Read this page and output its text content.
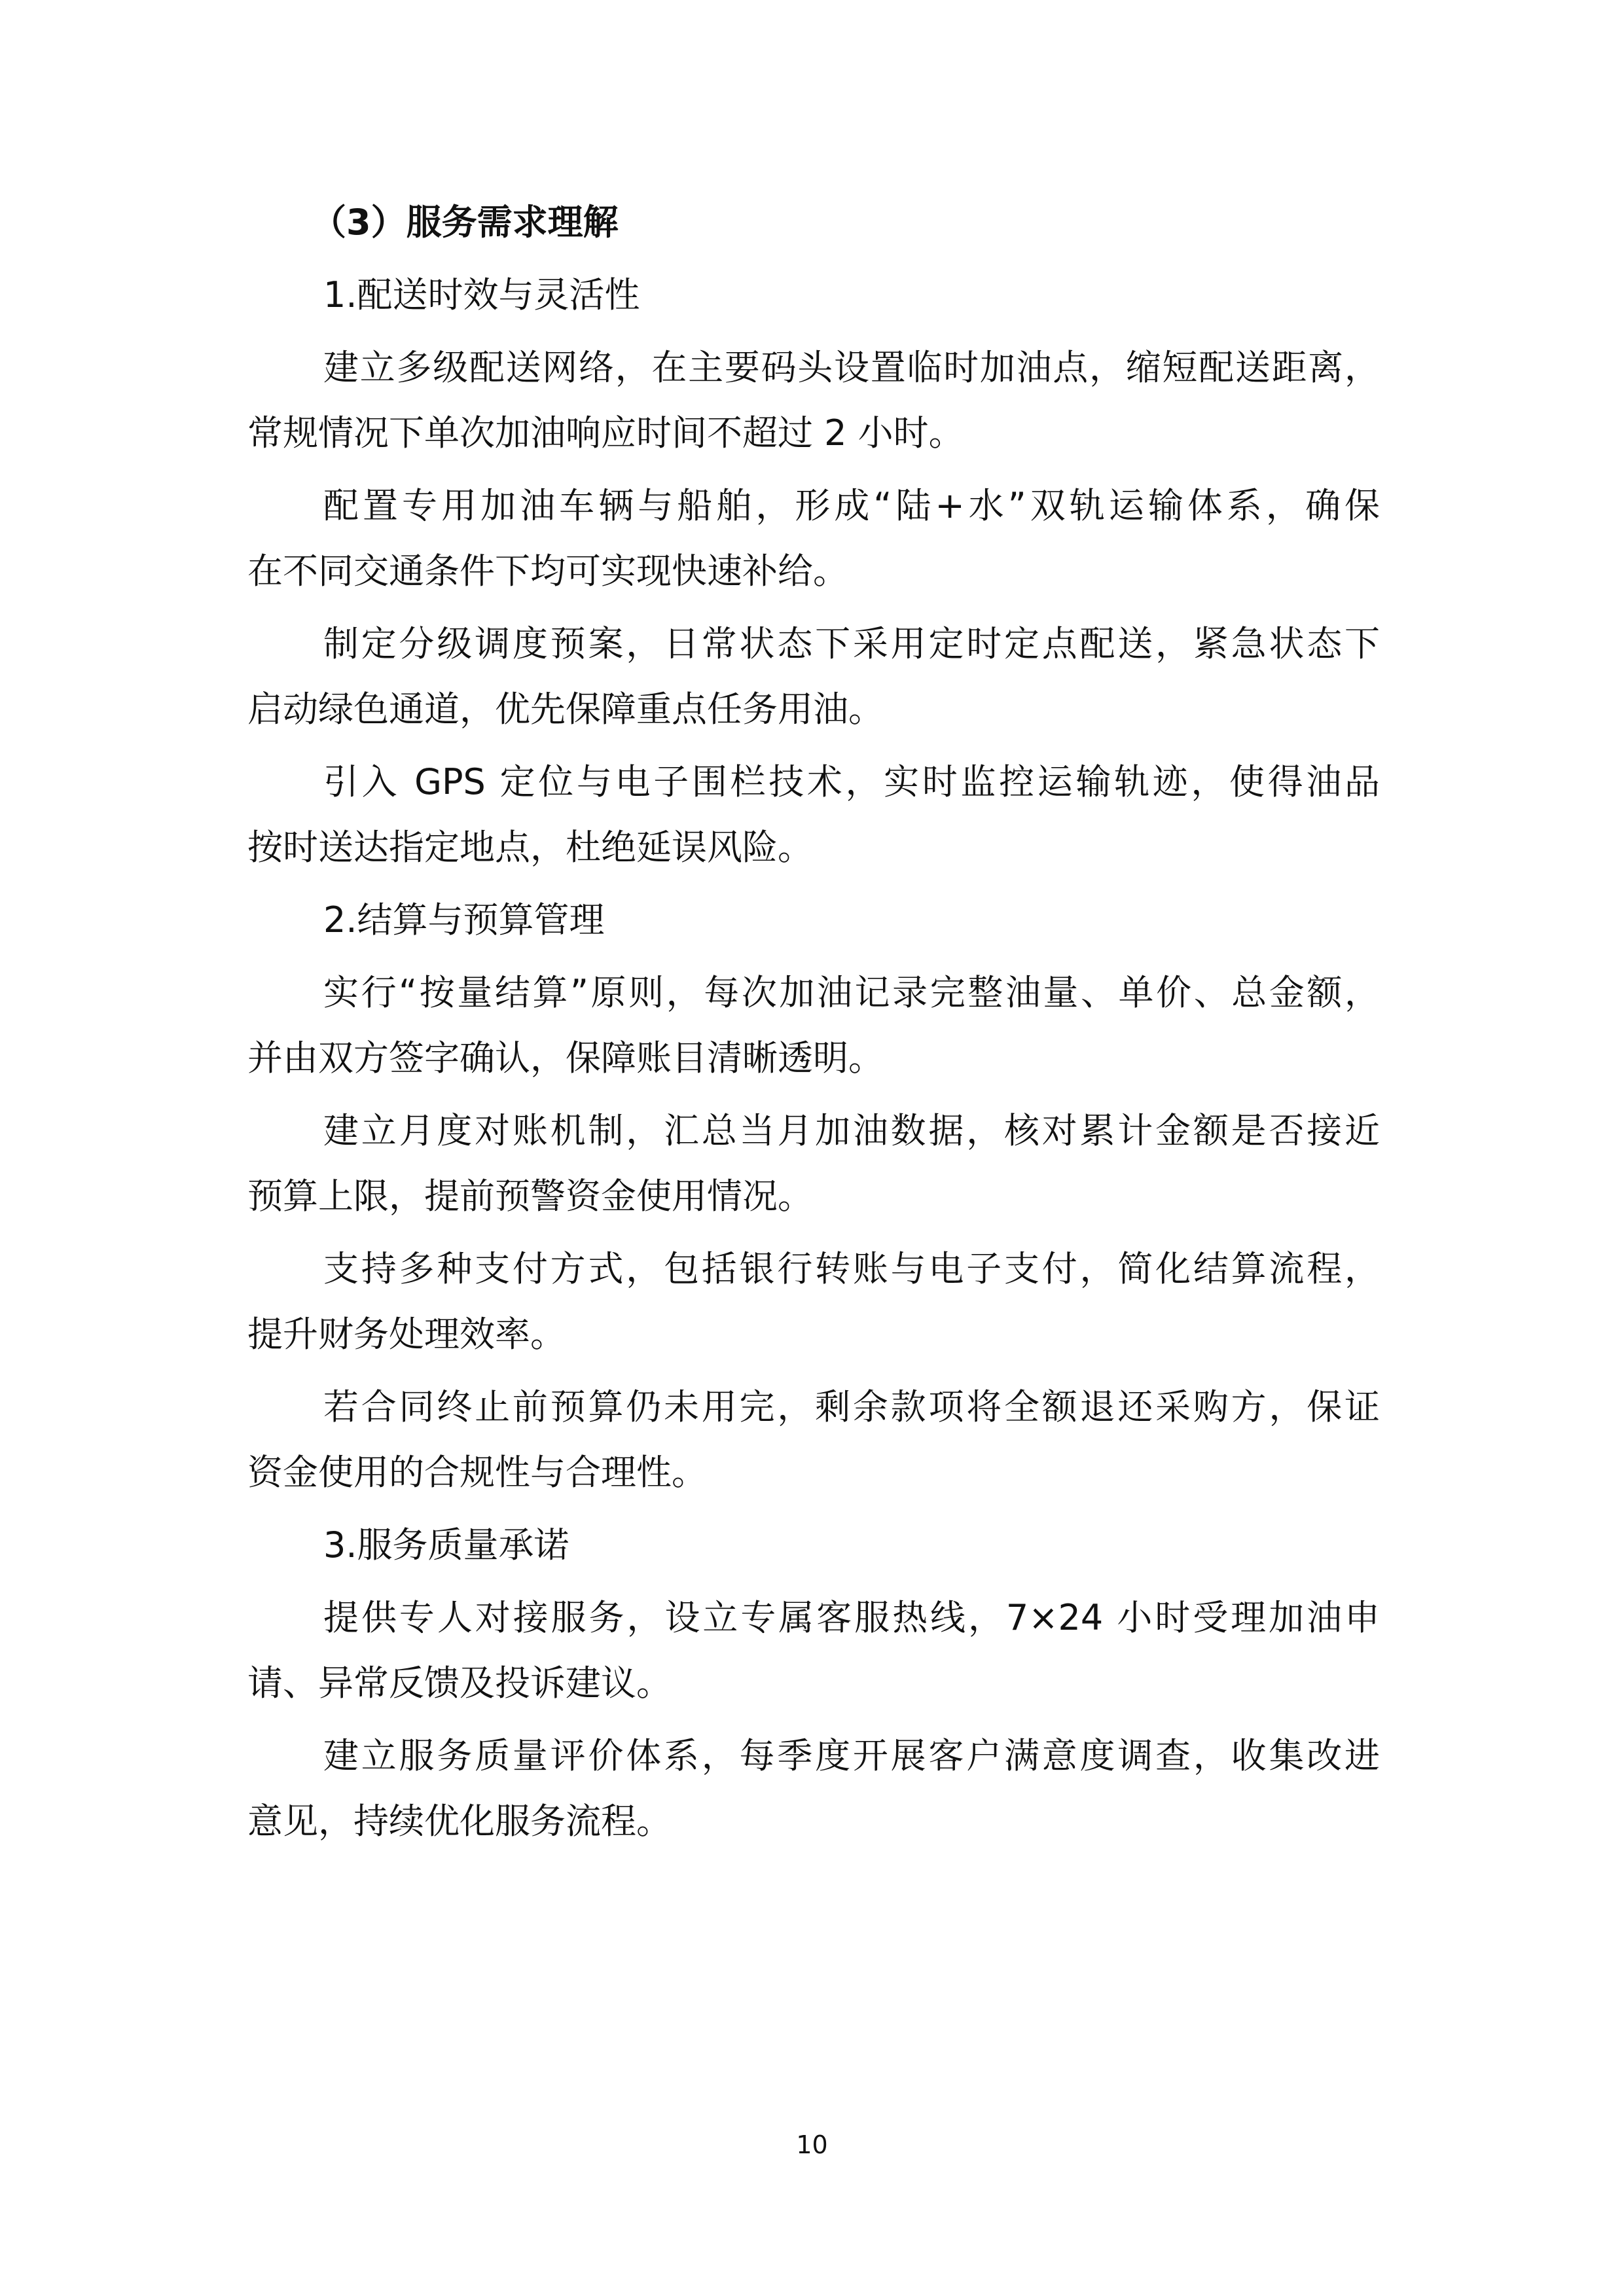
（3）服务需求理解
1.配送时效与灵活性
建立多级配送网络，在主要码头设置临时加油点，缩短配送距离，
常规情况下单次加油响应时间不超过 2 小时。
配置专用加油车辆与船舶，形成“陆+水”双轨运输体系，确保
在不同交通条件下均可实现快速补给。
制定分级调度预案，日常状态下采用定时定点配送，紧急状态下
启动绿色通道，优先保障重点任务用油。
引入 GPS 定位与电子围栏技术，实时监控运输轨迹，使得油品
按时送达指定地点，杜绝延误风险。
2.结算与预算管理
实行“按量结算”原则，每次加油记录完整油量、单价、总金额，
并由双方签字确认，保障账目清晰透明。
建立月度对账机制，汇总当月加油数据，核对累计金额是否接近
预算上限，提前预警资金使用情况。
支持多种支付方式，包括银行转账与电子支付，简化结算流程，
提升财务处理效率。
若合同终止前预算仍未用完，剩余款项将全额退还采购方，保证
资金使用的合规性与合理性。
3.服务质量承诺
提供专人对接服务，设立专属客服热线，7×24 小时受理加油申
请、异常反馈及投诉建议。
建立服务质量评价体系，每季度开展客户满意度调查，收集改进
意见，持续优化服务流程。
10
